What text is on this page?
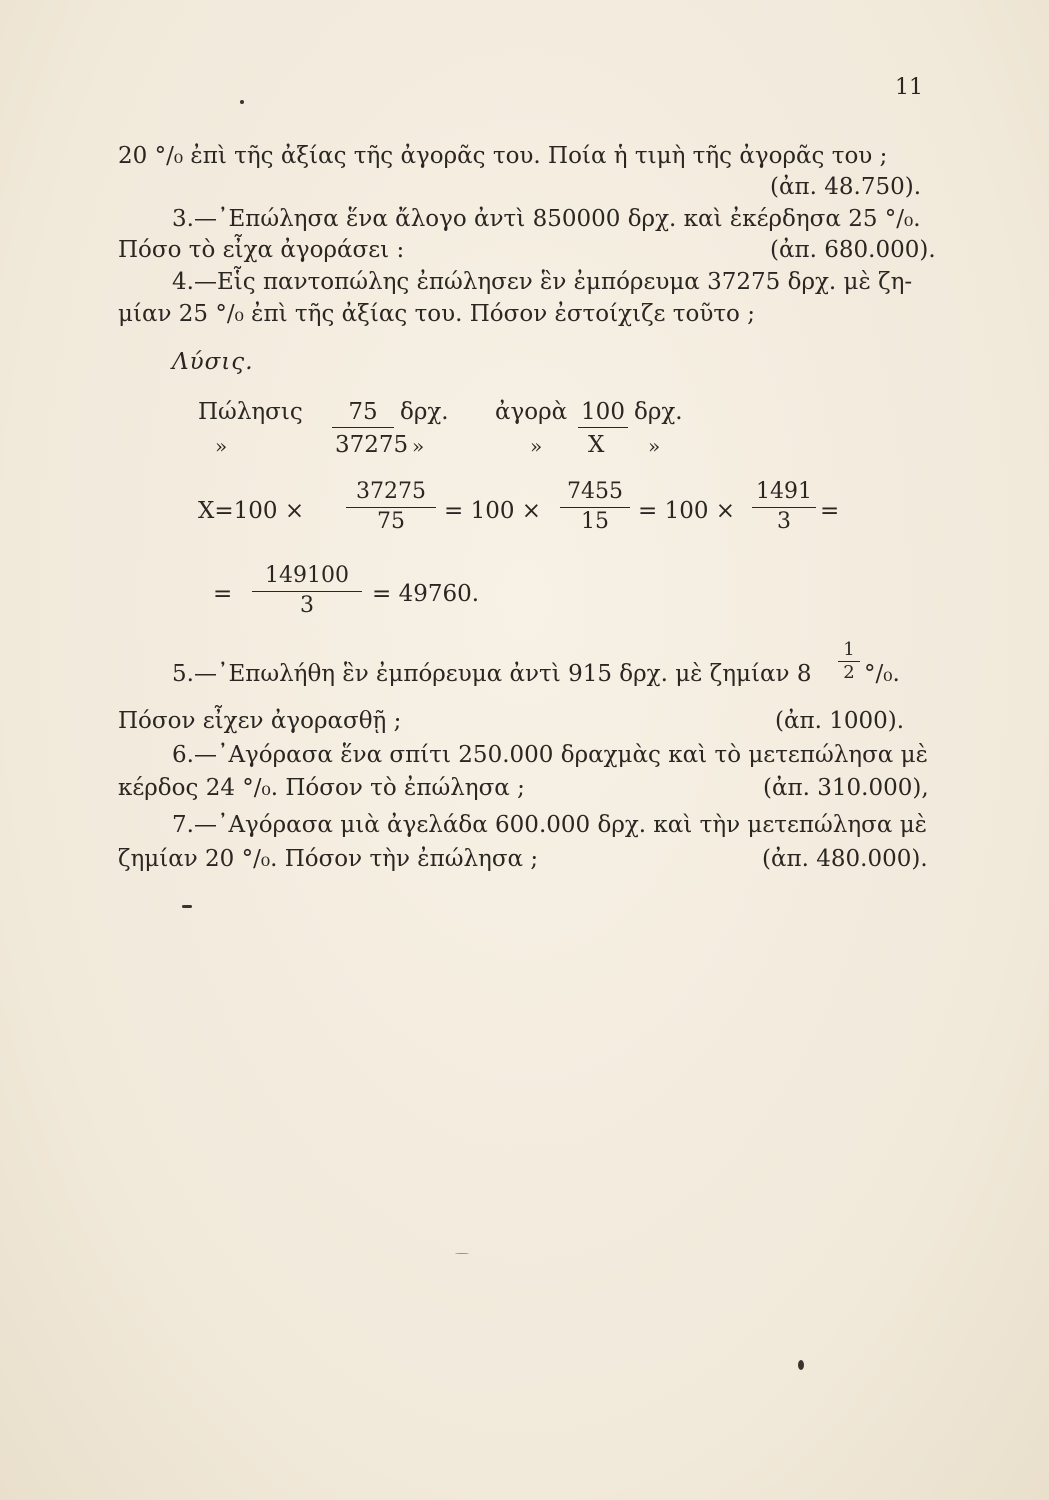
11
20 °/₀ ἐπὶ τῆς ἀξίας τῆς ἀγορᾶς του. Ποία ἡ τιμὴ τῆς ἀγορᾶς του ;
(ἀπ. 48.750).
3.—᾿Επώλησα ἕνα ἄλογο ἀντὶ 850000 δρχ. καὶ ἐκέρδησα 25 °/₀.
Πόσο τὸ εἶχα ἀγοράσει :	(ἀπ. 680.000).
4.—Εἷς παντοπώλης ἐπώλησεν ἓν ἐμπόρευμα 37275 δρχ. μὲ ζη-
μίαν 25 °/₀ ἐπὶ τῆς ἀξίας του. Πόσον ἐστοίχιζε τοῦτο ;
Λύσις.
Πώλησις	75 δρχ. ἀγορὰ 100 δρχ.
»	37275 »	» X »
$X=100 \times \frac{37275}{75} = 100 \times \frac{7455}{15} = 100 \times \frac{1491}{3}$ =
= $\frac{149100}{3} = 49760$.
5.—᾿Επωλήθη ἓν ἐμπόρευμα ἀντὶ 915 δρχ. μὲ ζημίαν $8 \frac{1}{2} ^\circ/_0$.
Πόσον εἶχεν ἀγορασθῇ ;	(ἀπ. 1000).
6.—᾿Αγόρασα ἕνα σπίτι 250.000 δραχμὰς καὶ τὸ μετεπώλησα μὲ
κέρδος 24 °/₀. Πόσον τὸ ἐπώλησα ;	(ἀπ. 310.000),
7.—᾿Αγόρασα μιὰ ἀγελάδα 600.000 δρχ. καὶ τὴν μετεπώλησα μὲ
ζημίαν 20 °/₀. Πόσον τὴν ἐπώλησα ;	(ἀπ. 480.000).
